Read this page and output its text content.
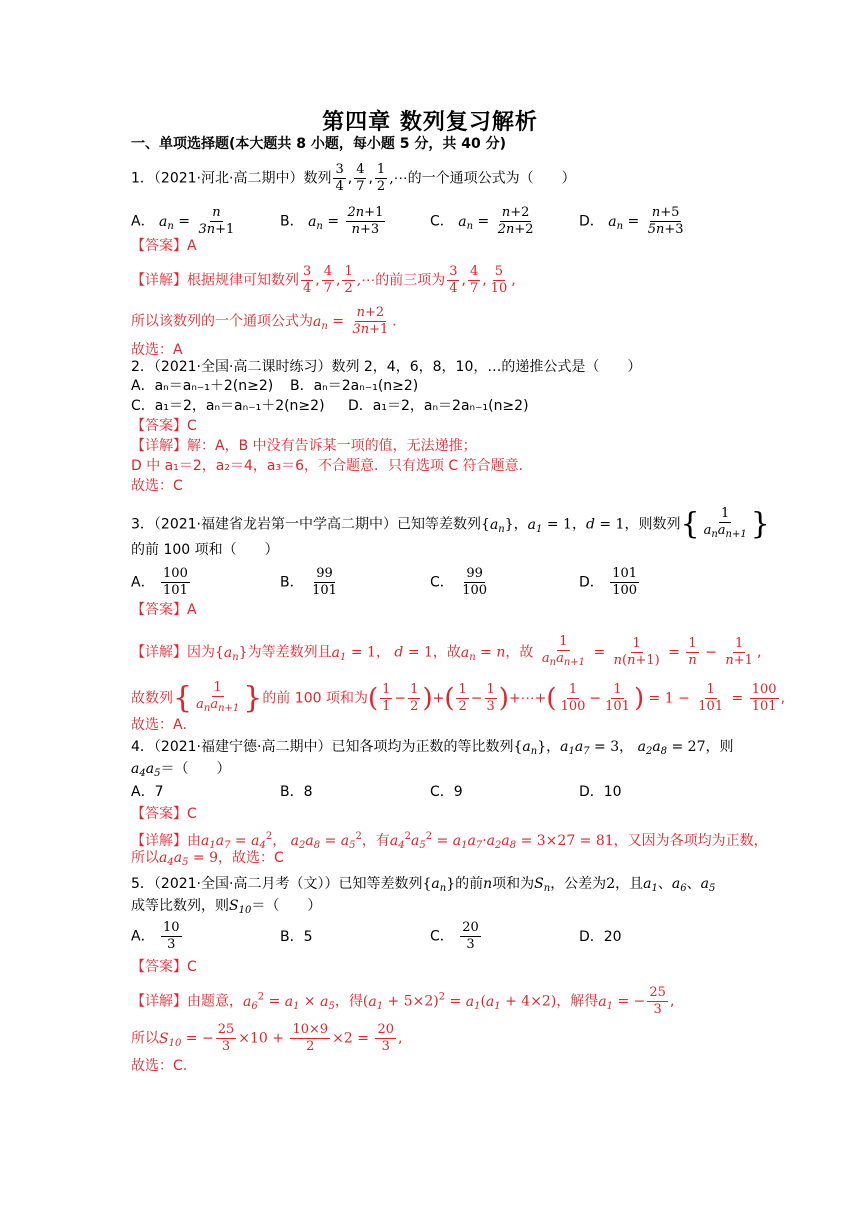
第四章 数列复习解析
一、单项选择题(本大题共 8 小题，每小题 5 分，共 40 分)
1．（2021·河北·高二期中）数列 $\frac{3}{4}$ , $\frac{4}{7}$ , $\frac{1}{2}$ ,⋯的一个通项公式为（　　）
A． $a_n = \frac{n}{3n+1}$	B． $a_n = \frac{2n+1}{n+3}$	C． $a_n = \frac{n+2}{2n+2}$	D． $a_n = \frac{n+5}{5n+3}$
【答案】A
【详解】根据规律可知数列 $\frac{3}{4}$ , $\frac{4}{7}$ , $\frac{1}{2}$ ,⋯的前三项为 $\frac{3}{4}$ , $\frac{4}{7}$ , $\frac{5}{10}$ ,
所以该数列的一个通项公式为$a_n = \frac{n+2}{3n+1}$ .
故选：A
2．（2021·全国·高二课时练习）数列 2，4，6，8，10，…的递推公式是（　　）
A．aₙ＝aₙ₋₁＋2(n≥2) B．aₙ＝2aₙ₋₁(n≥2)
C．a₁＝2，aₙ＝aₙ₋₁＋2(n≥2) D．a₁＝2，aₙ＝2aₙ₋₁(n≥2)
【答案】C
【详解】解：A，B 中没有告诉某一项的值，无法递推；
D 中 a₁＝2，a₂＝4，a₃＝6，不合题意．只有选项 C 符合题意．
故选：C
3．（2021·福建省龙岩第一中学高二期中）已知等差数列$\{a_n\}$，$a_1 = 1$，d = 1，则数列{ $\frac{1}{a_na_{n+1}}$ }
的前 100 项和（　　）
A． $\frac{100}{101}$	B． $\frac{99}{101}$	C． $\frac{99}{100}$	D． $\frac{101}{100}$
【答案】A
【详解】因为$\{a_n\}$为等差数列且$a_1 = 1$， d = 1，故$a_n = n$，故 $\frac{1}{a_na_{n+1}} = \frac{1}{n(n+1)} = \frac{1}{n} - \frac{1}{n+1}$ ,
故数列{ $\frac{1}{a_na_{n+1}}$ }的前 100 项和为( $\frac{1}{1} - \frac{1}{2}$ )+( $\frac{1}{2} - \frac{1}{3}$ )+⋯+( $\frac{1}{100} - \frac{1}{101}$ ) = $1 - \frac{1}{101} = \frac{100}{101}$ ,
故选：A.
4．（2021·福建宁德·高二期中）已知各项均为正数的等比数列$\{a_n\}$，$a_1a_7 = 3$， $a_2a_8 = 27$，则
$a_4a_5=$（　　）
A．7	B．8	C．9	D．10
【答案】C
【详解】由$a_1a_7 = a_4^2$， $a_2a_8 = a_5^2$，有$a_4^2a_5^2 = a_1a_7\cdot a_2a_8 = 3\times 27 = 81$，又因为各项均为正数，
所以$a_4a_5 = 9$，故选：C
5．（2021·全国·高二月考（文））已知等差数列$\{a_n\}$的前n项和为$S_n$，公差为2，且$a_1$、$a_6$、$a_5$
成等比数列，则$S_{10}=$（　　）
A． $\frac{10}{3}$	B．5	C． $\frac{20}{3}$	D．20
【答案】C
【详解】由题意，$a_6^2 = a_1 \times a_5$，得$(a_1 + 5\times 2)^2 = a_1(a_1 + 4\times 2)$，解得$a_1$ = − $\frac{25}{3}$ ,
所以$S_{10}$ = − $\frac{25}{3} \times 10 + \frac{10\times 9}{2} \times 2 = \frac{20}{3}$ ,
故选：C.
